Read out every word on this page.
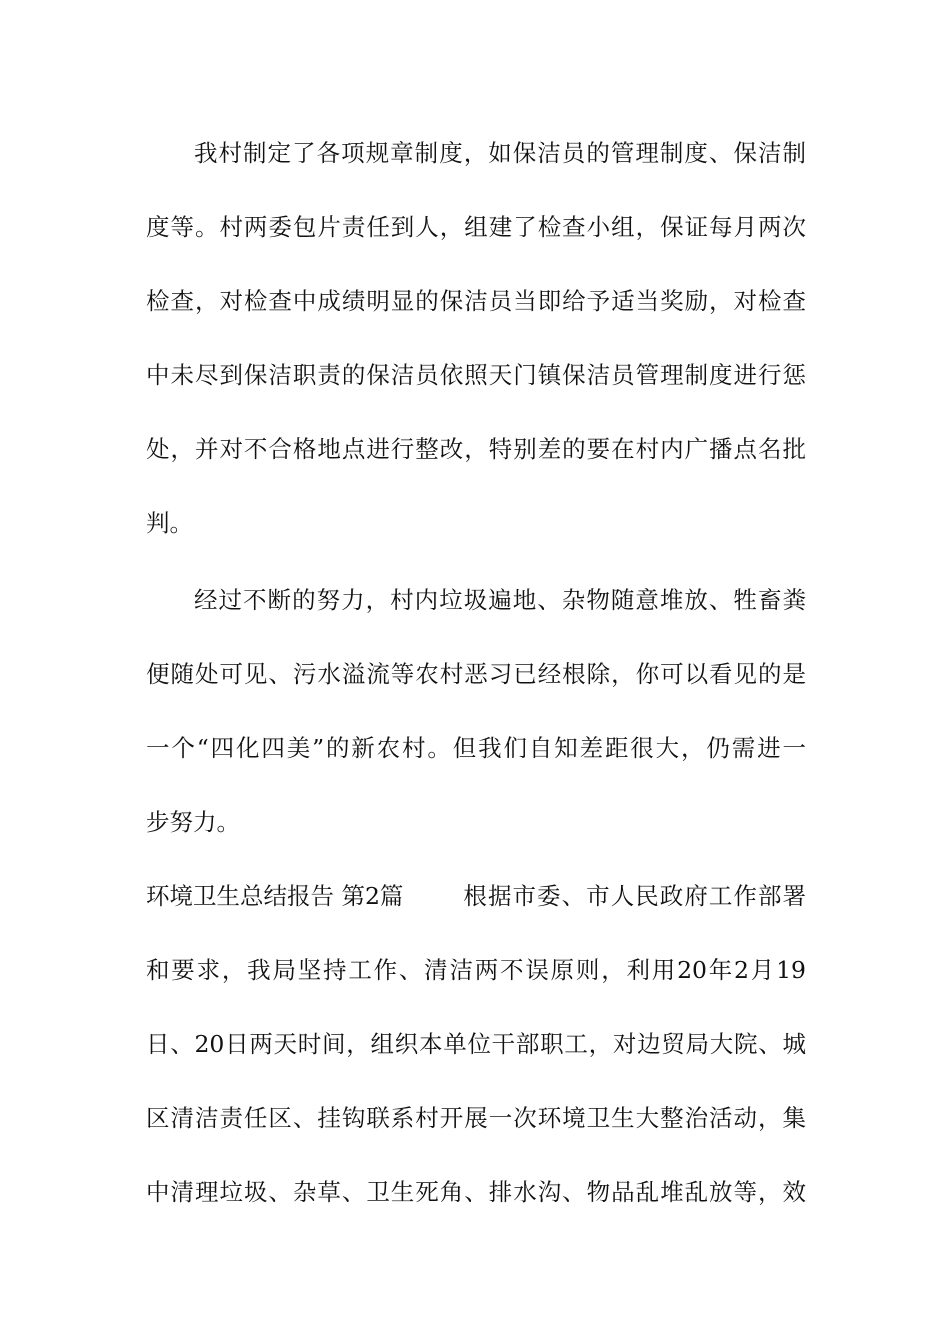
我村制定了各项规章制度，如保洁员的管理制度、保洁制
度等。村两委包片责任到人，组建了检查小组，保证每月两次
检查，对检查中成绩明显的保洁员当即给予适当奖励，对检查
中未尽到保洁职责的保洁员依照天门镇保洁员管理制度进行惩
处，并对不合格地点进行整改，特别差的要在村内广播点名批
判。
经过不断的努力，村内垃圾遍地、杂物随意堆放、牲畜粪
便随处可见、污水溢流等农村恶习已经根除，你可以看见的是
一个“四化四美”的新农村。但我们自知差距很大，仍需进一
步努力。
环境卫生总结报告 第2篇	根据市委、市人民政府工作部署
和要求，我局坚持工作、清洁两不误原则，利用20年2月19
日、20日两天时间，组织本单位干部职工，对边贸局大院、城
区清洁责任区、挂钩联系村开展一次环境卫生大整治活动，集
中清理垃圾、杂草、卫生死角、排水沟、物品乱堆乱放等，效
